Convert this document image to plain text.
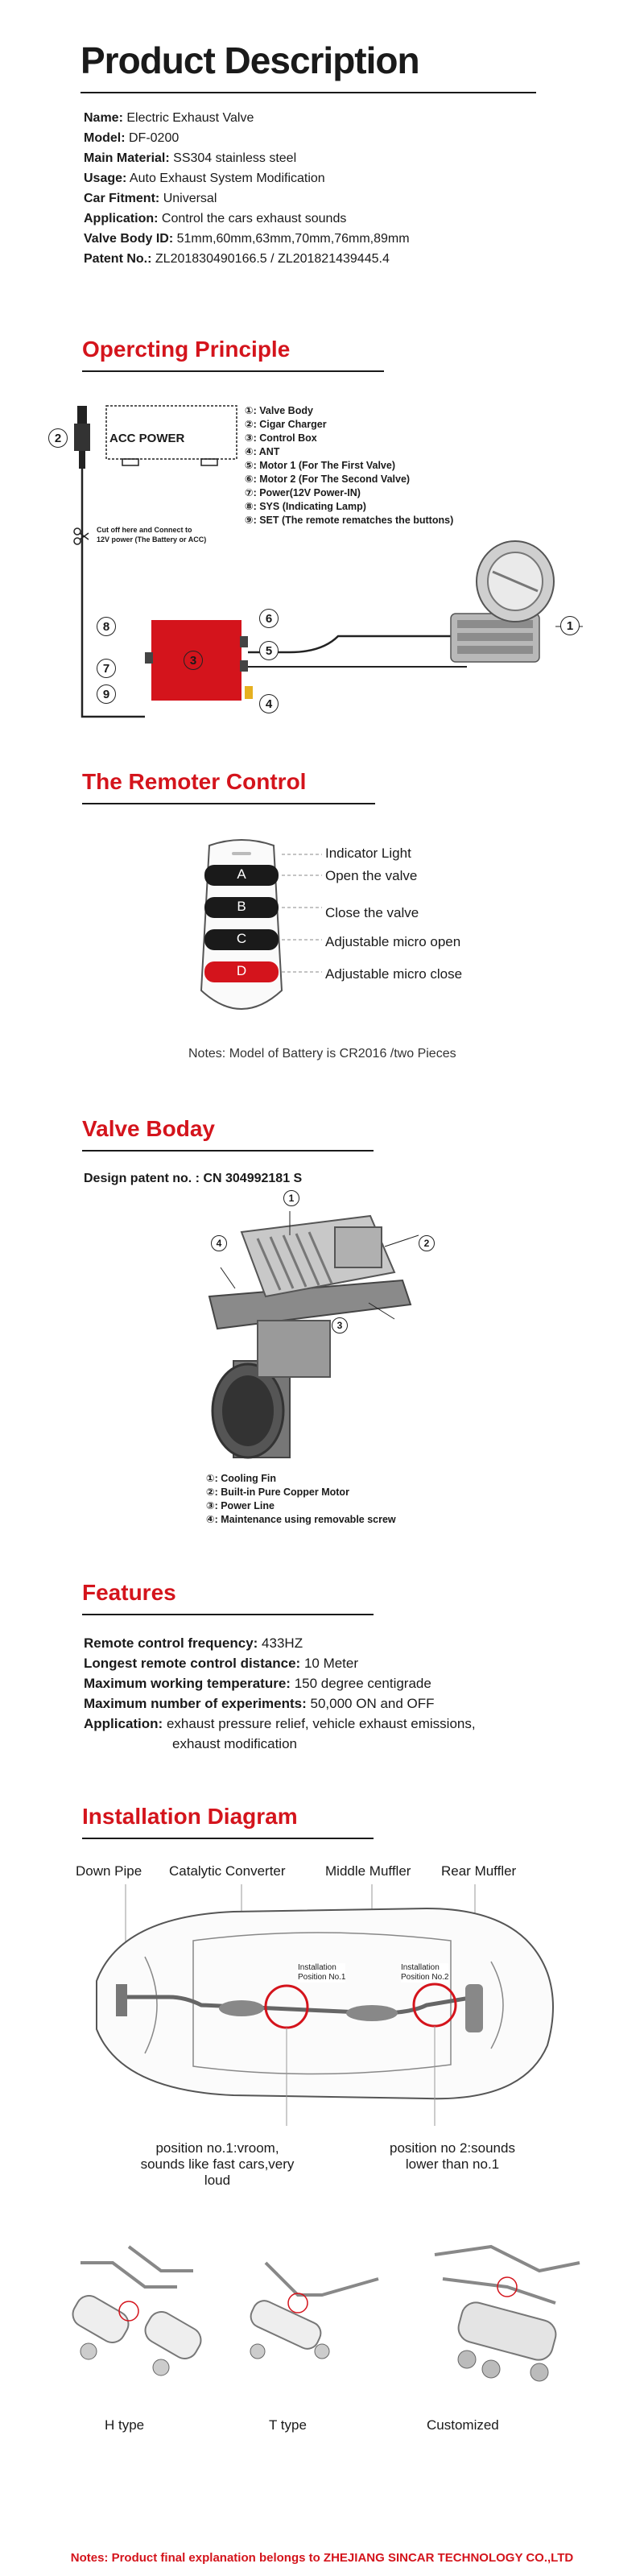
Product Description
Name: Electric Exhaust Valve
Model: DF-0200
Main Material: SS304 stainless steel
Usage: Auto Exhaust System Modification
Car Fitment: Universal
Application: Control the cars exhaust sounds
Valve Body ID: 51mm,60mm,63mm,70mm,76mm,89mm
Patent No.: ZL201830490166.5 / ZL201821439445.4
Opercting Principle
ACC POWER
Cut off here and Connect to
12V power (The Battery or ACC)
2
1
3
4
5
6
7
8
9
①: Valve Body
②: Cigar Charger
③: Control Box
④: ANT
⑤: Motor 1 (For The First Valve)
⑥: Motor 2 (For The Second Valve)
⑦: Power(12V Power-IN)
⑧: SYS (Indicating Lamp)
⑨: SET (The remote rematches the buttons)
The Remoter Control
A
B
C
D
Indicator Light
Open the valve
Close the valve
Adjustable micro open
Adjustable micro close
Notes: Model of Battery is CR2016 /two Pieces
Valve Boday
Design patent no. : CN 304992181 S
1
2
3
4
①: Cooling Fin
②: Built-in Pure Copper Motor
③: Power Line
④: Maintenance using removable screw
Features
Remote control frequency: 433HZ
Longest remote control distance: 10 Meter
Maximum working temperature: 150 degree centigrade
Maximum number of experiments: 50,000 ON and OFF
Application: exhaust pressure relief, vehicle exhaust emissions,
exhaust modification
Installation Diagram
Down Pipe Catalytic Converter	Middle Muffler Rear Muffler
Installation
Position No.1
Installation
Position No.2
position no.1:vroom,
sounds like fast cars,very loud
position no 2:sounds
lower than no.1
H type	T type	Customized
Notes: Product final explanation belongs to ZHEJIANG SINCAR TECHNOLOGY CO.,LTD
